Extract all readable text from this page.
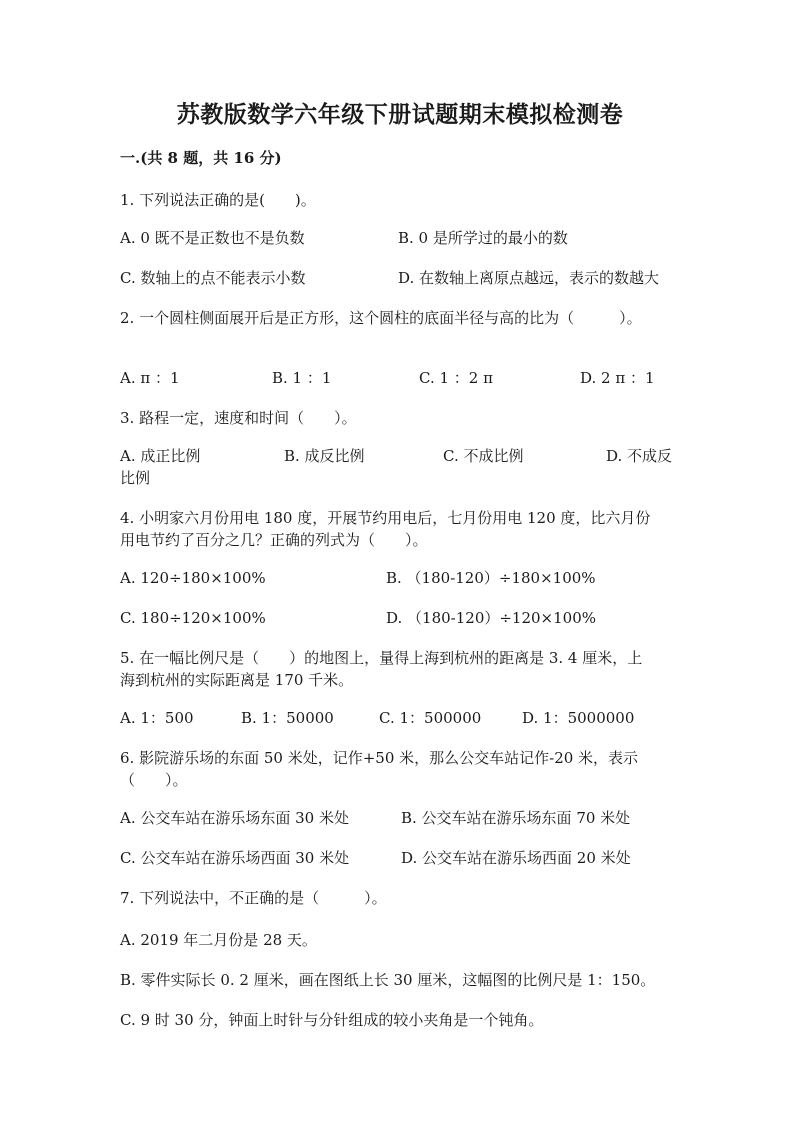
苏教版数学六年级下册试题期末模拟检测卷
一.(共 8 题，共 16 分)
1. 下列说法正确的是(　　)。
A. 0 既不是正数也不是负数	B. 0 是所学过的最小的数
C. 数轴上的点不能表示小数	D. 在数轴上离原点越远，表示的数越大
2. 一个圆柱侧面展开后是正方形，这个圆柱的底面半径与高的比为（　　　）。
A. π ：1	B. 1 ：1	C. 1 ：2 π	D. 2 π ：1
3. 路程一定，速度和时间（　　）。
A. 成正比例	B. 成反比例	C. 不成比例	D. 不成反
比例
4. 小明家六月份用电 180 度，开展节约用电后，七月份用电 120 度，比六月份
用电节约了百分之几？正确的列式为（　　）。
A. 120÷180×100%	B. （180-120）÷180×100%
C. 180÷120×100%	D. （180-120）÷120×100%
5. 在一幅比例尺是（　　）的地图上，量得上海到杭州的距离是 3. 4 厘米，上
海到杭州的实际距离是 170 千米。
A. 1：500	B. 1：50000	C. 1：500000	D. 1：5000000
6. 影院游乐场的东面 50 米处，记作+50 米，那么公交车站记作-20 米，表示
（　　）。
A. 公交车站在游乐场东面 30 米处	B. 公交车站在游乐场东面 70 米处
C. 公交车站在游乐场西面 30 米处	D. 公交车站在游乐场西面 20 米处
7. 下列说法中，不正确的是（　　　）。
A. 2019 年二月份是 28 天。
B. 零件实际长 0. 2 厘米，画在图纸上长 30 厘米，这幅图的比例尺是 1：150。
C. 9 时 30 分，钟面上时针与分针组成的较小夹角是一个钝角。
